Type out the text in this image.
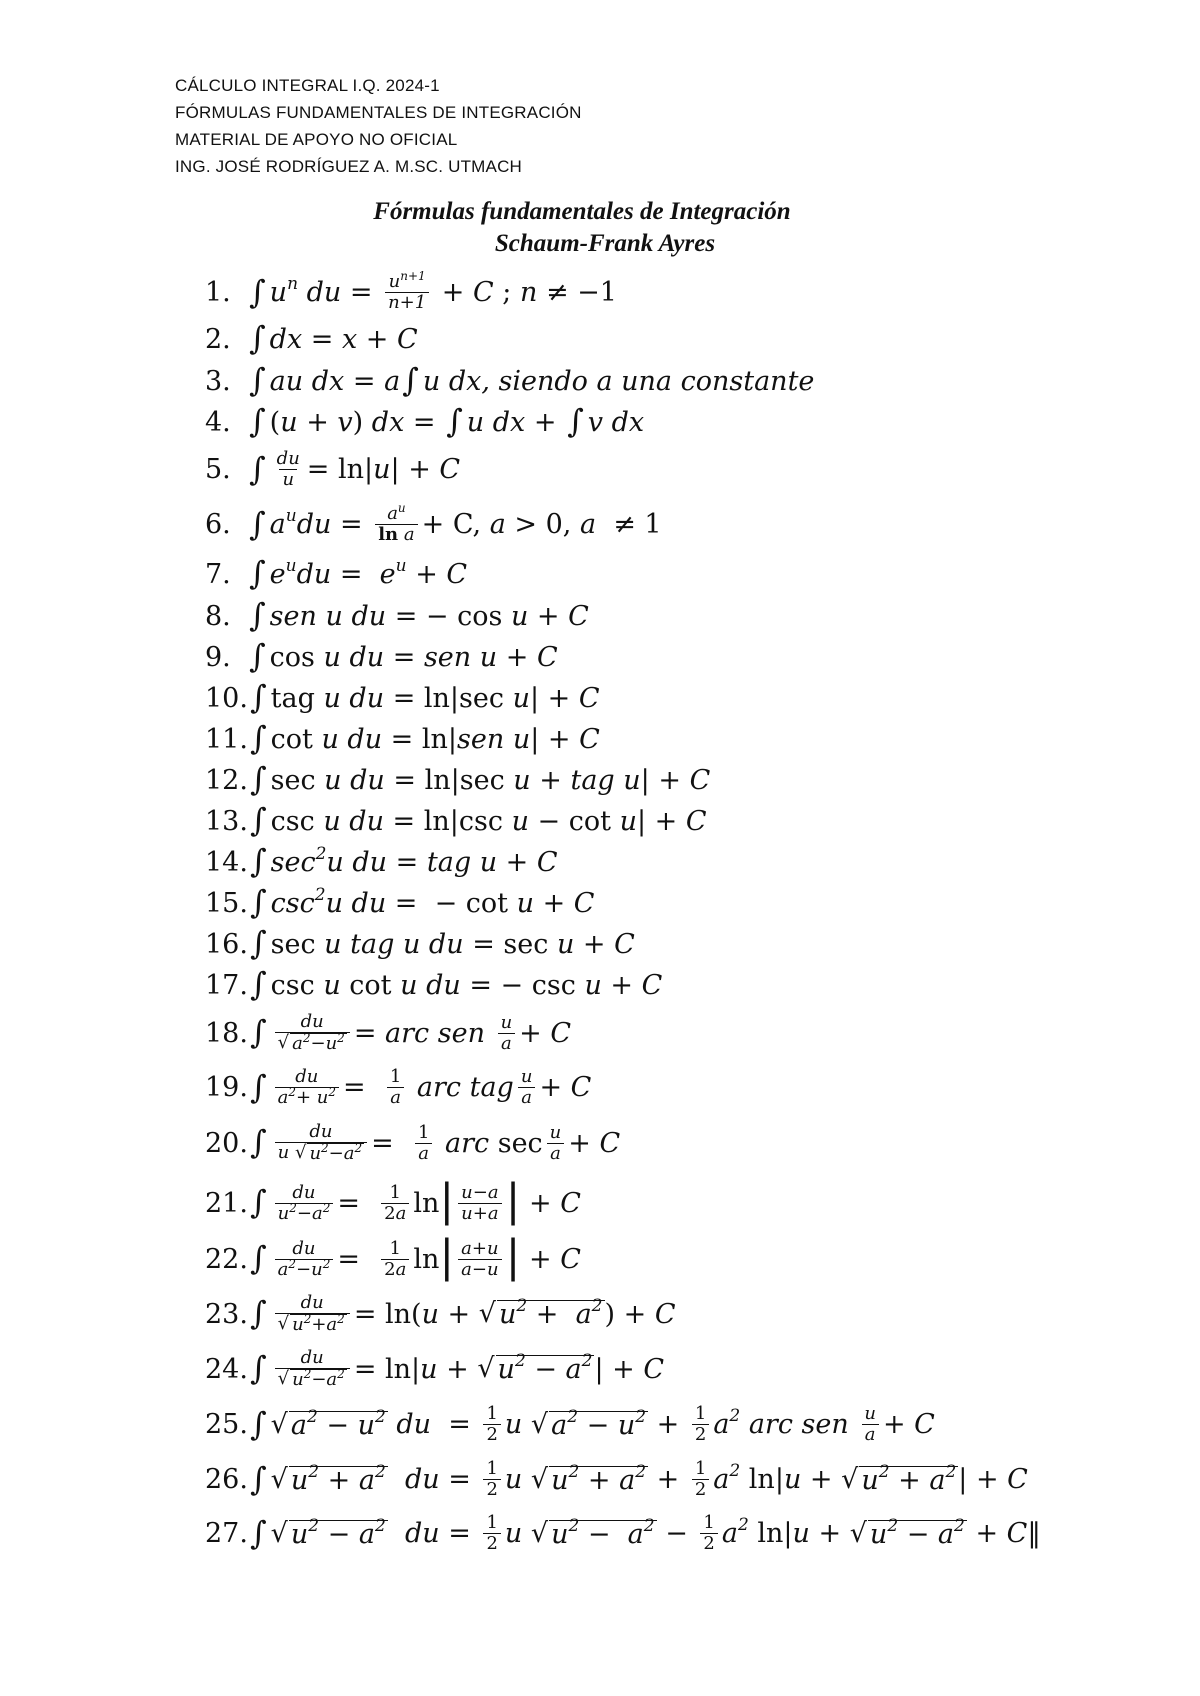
CÁLCULO INTEGRAL I.Q. 2024-1
FÓRMULAS FUNDAMENTALES DE INTEGRACIÓN
MATERIAL DE APOYO NO OFICIAL
ING. JOSÉ RODRÍGUEZ A. M.SC. UTMACH
Fórmulas fundamentales de Integración
Schaum-Frank Ayres
1. ∫ $u^n$ du = $\frac{u^{n+1}}{n+1} + C$ ; n ≠ −1
2. ∫ dx = x + C
3. ∫ au dx = a ∫ u dx, siendo a una constante
4. ∫ ( u + v ) dx = ∫ u dx + ∫ v dx
5. ∫ $\frac{du}{u} = \ln|$ u | + C
6. ∫ $a^udu = \frac{a^u}{\text{ln a}} + C$, a > 0, a ≠ 1
7. ∫ $e^udu = e^u + C$
8. ∫ sen u du = − cos u + C
9. ∫ cos u du = sen u + C
10. ∫ tag u du = ln|sec u | + C
11. ∫ cot u du = ln| sen u | + C
12. ∫ sec u du = ln|sec u + tag u | + C
13. ∫ csc u du = ln|csc u − cot u | + C
14. ∫ $\sec^2u$ du = tag u + C
15. ∫ $\csc^2u$ du =  − cot u + C
16. ∫ sec u tag u du = sec u + C
17. ∫ csc u cot u du = − csc u + C
18. ∫ $\frac{du}{√ a^2-u^2}$ = arc sen
$\frac{u}{a} + C$
19. ∫ $\frac{du}{a^2+ u^2} = \frac{1}{a}$
arc tag $\frac{u}{a} + C$
20. ∫ $\frac{du}{u √ u^2-a^2} = \frac{1}{a}$
arc $\sec \frac{u}{a} + C$
21. ∫ $\frac{du}{u^2-a^2} = \frac{1}{2a}$ ln | $\frac{u-a}{u+a}$ | + C
22. ∫ $\frac{du}{a^2-u^2} = \frac{1}{2a}$ ln | $\frac{a+u}{a-u}$ | + C
23. ∫ $\frac{du}{√ u^2+a^2} = \ln$( u + √ $u^2 + a^2$ ) + C
24. ∫ $\frac{du}{√ u^2-a^2} = \ln|$ u + √ $u^2 - a^2$ | + C
25. ∫ √ $a^2 - u^2$
du = $\frac{1}{2}$ u
√ $a^2 - u^2 + \frac{1}{2} a^2$ arc sen
$\frac{u}{a} + C$
26. ∫ √ $u^2 + a^2$
du = $\frac{1}{2}$ u
√ $u^2 + a^2 + \frac{1}{2} a^2$ ln| u + √ $u^2 + a^2$ | + C
27. ∫ √ $u^2 - a^2$
du = $\frac{1}{2}$ u
√ $u^2 - a^2 - \frac{1}{2} a^2$ ln| u + √ $u^2 - a^2 + C$ ‖
